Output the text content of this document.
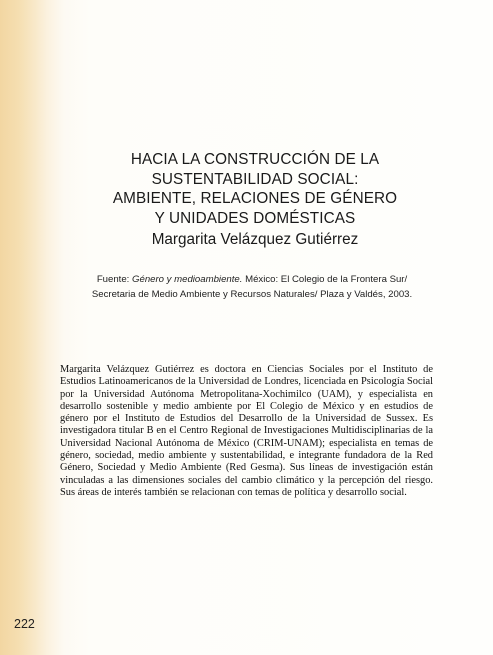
HACIA LA CONSTRUCCIÓN DE LA
SUSTENTABILIDAD SOCIAL:
AMBIENTE, RELACIONES DE GÉNERO
Y UNIDADES DOMÉSTICAS
Margarita Velázquez Gutiérrez
Fuente: Género y medioambiente. México: El Colegio de la Frontera Sur/
Secretaria de Medio Ambiente y Recursos Naturales/ Plaza y Valdés, 2003.

Margarita Velázquez Gutiérrez es doctora en Ciencias Sociales por el Instituto de Estudios Latinoamericanos de la Universidad de Londres, licenciada en Psicología Social por la Universidad Autónoma Metropolitana-Xochimilco (UAM), y especialista en desarrollo sostenible y medio ambiente por El Colegio de México y en estudios de género por el Instituto de Estudios del Desarrollo de la Universidad de Sussex. Es investigadora titular B en el Centro Regional de Investigaciones Multidisciplinarias de la Universidad Nacional Autónoma de México (CRIM-UNAM); especialista en temas de género, sociedad, medio ambiente y sustentabilidad, e integrante fundadora de la Red Género, Sociedad y Medio Ambiente (Red Gesma). Sus líneas de investigación están vinculadas a las dimensiones sociales del cambio climático y la percepción del riesgo. Sus áreas de interés también se relacionan con temas de política y desarrollo social.

222
